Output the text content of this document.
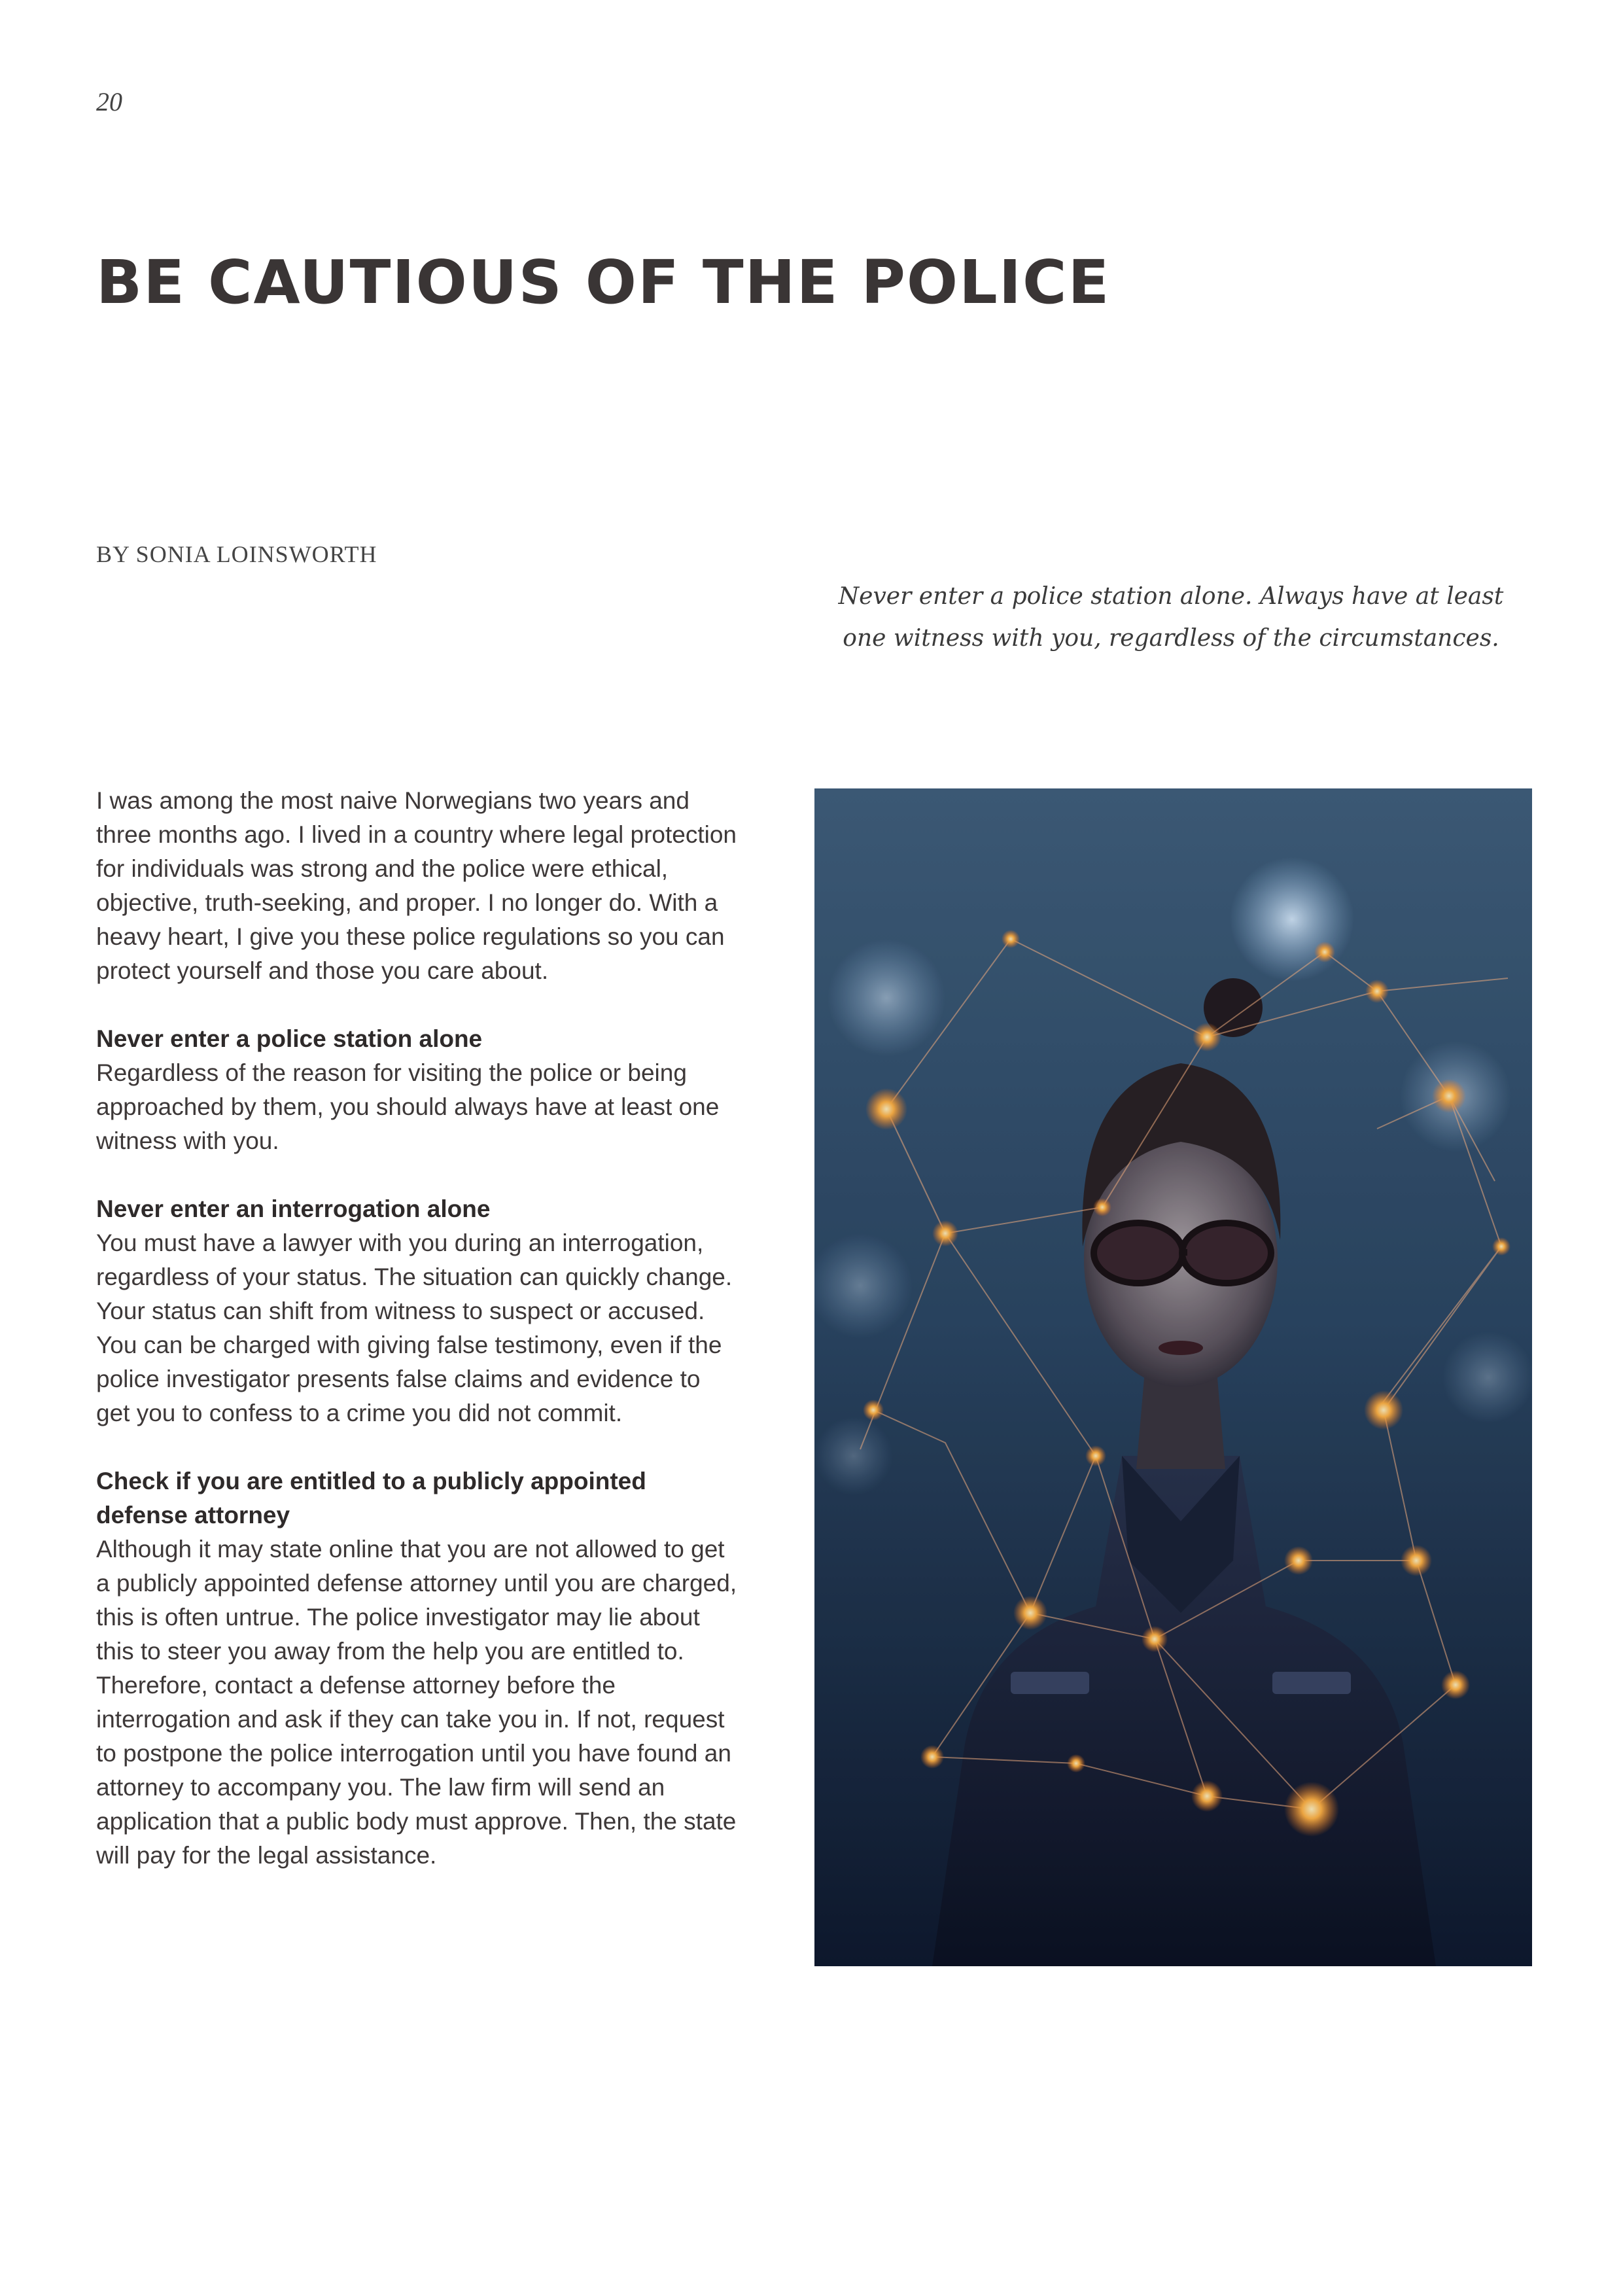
20
BE CAUTIOUS OF THE POLICE
BY SONIA LOINSWORTH
Never enter a police station alone. Always have at least one witness with you, regardless of the circumstances.

I was among the most naive Norwegians two years and three months ago. I lived in a country where legal protection for individuals was strong and the police were ethical, objective, truth-seeking, and proper. I no longer do. With a heavy heart, I give you these police regulations so you can protect yourself and those you care about.

Never enter a police station alone

Regardless of the reason for visiting the police or being approached by them, you should always have at least one witness with you.

Never enter an interrogation alone

You must have a lawyer with you during an interrogation, regardless of your status. The situation can quickly change. Your status can shift from witness to suspect or accused. You can be charged with giving false testimony, even if the police investigator presents false claims and evidence to get you to confess to a crime you did not commit.

Check if you are entitled to a publicly appointed defense attorney

Although it may state online that you are not allowed to get a publicly appointed defense attorney until you are charged, this is often untrue. The police investigator may lie about this to steer you away from the help you are entitled to. Therefore, contact a defense attorney before the interrogation and ask if they can take you in. If not, request to postpone the police interrogation until you have found an attorney to accompany you. The law firm will send an application that a public body must approve. Then, the state will pay for the legal assistance.
